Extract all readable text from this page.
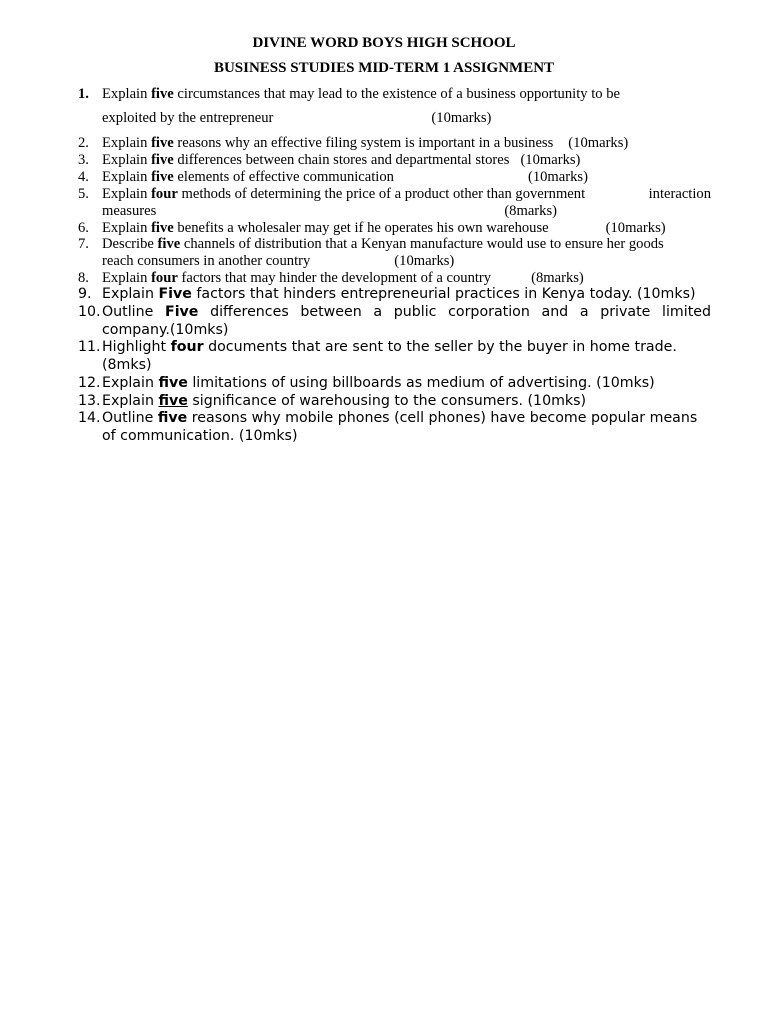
DIVINE WORD BOYS HIGH SCHOOL
BUSINESS STUDIES MID-TERM 1 ASSIGNMENT
1. Explain five circumstances that may lead to the existence of a business opportunity to be
exploited by the entrepreneur	(10marks)
2. Explain five reasons why an effective filing system is important in a business (10marks)
3. Explain five differences between chain stores and departmental stores (10marks)
4. Explain five elements of effective communication	(10marks)
5. Explain four methods of determining the price of a product other than government	interaction
measures	(8marks)
6. Explain five benefits a wholesaler may get if he operates his own warehouse	(10marks)
7. Describe five channels of distribution that a Kenyan manufacture would use to ensure her goods
reach consumers in another country	(10marks)
8. Explain four factors that may hinder the development of a country	(8marks)
9. Explain Five factors that hinders entrepreneurial practices in Kenya today. (10mks)
10. Outline Five differences between a public corporation and a private limited company.(10mks)
11. Highlight four documents that are sent to the seller by the buyer in home trade. (8mks)
12. Explain five limitations of using billboards as medium of advertising. (10mks)
13. Explain five significance of warehousing to the consumers. (10mks)
14. Outline five reasons why mobile phones (cell phones) have become popular means of communication. (10mks)
